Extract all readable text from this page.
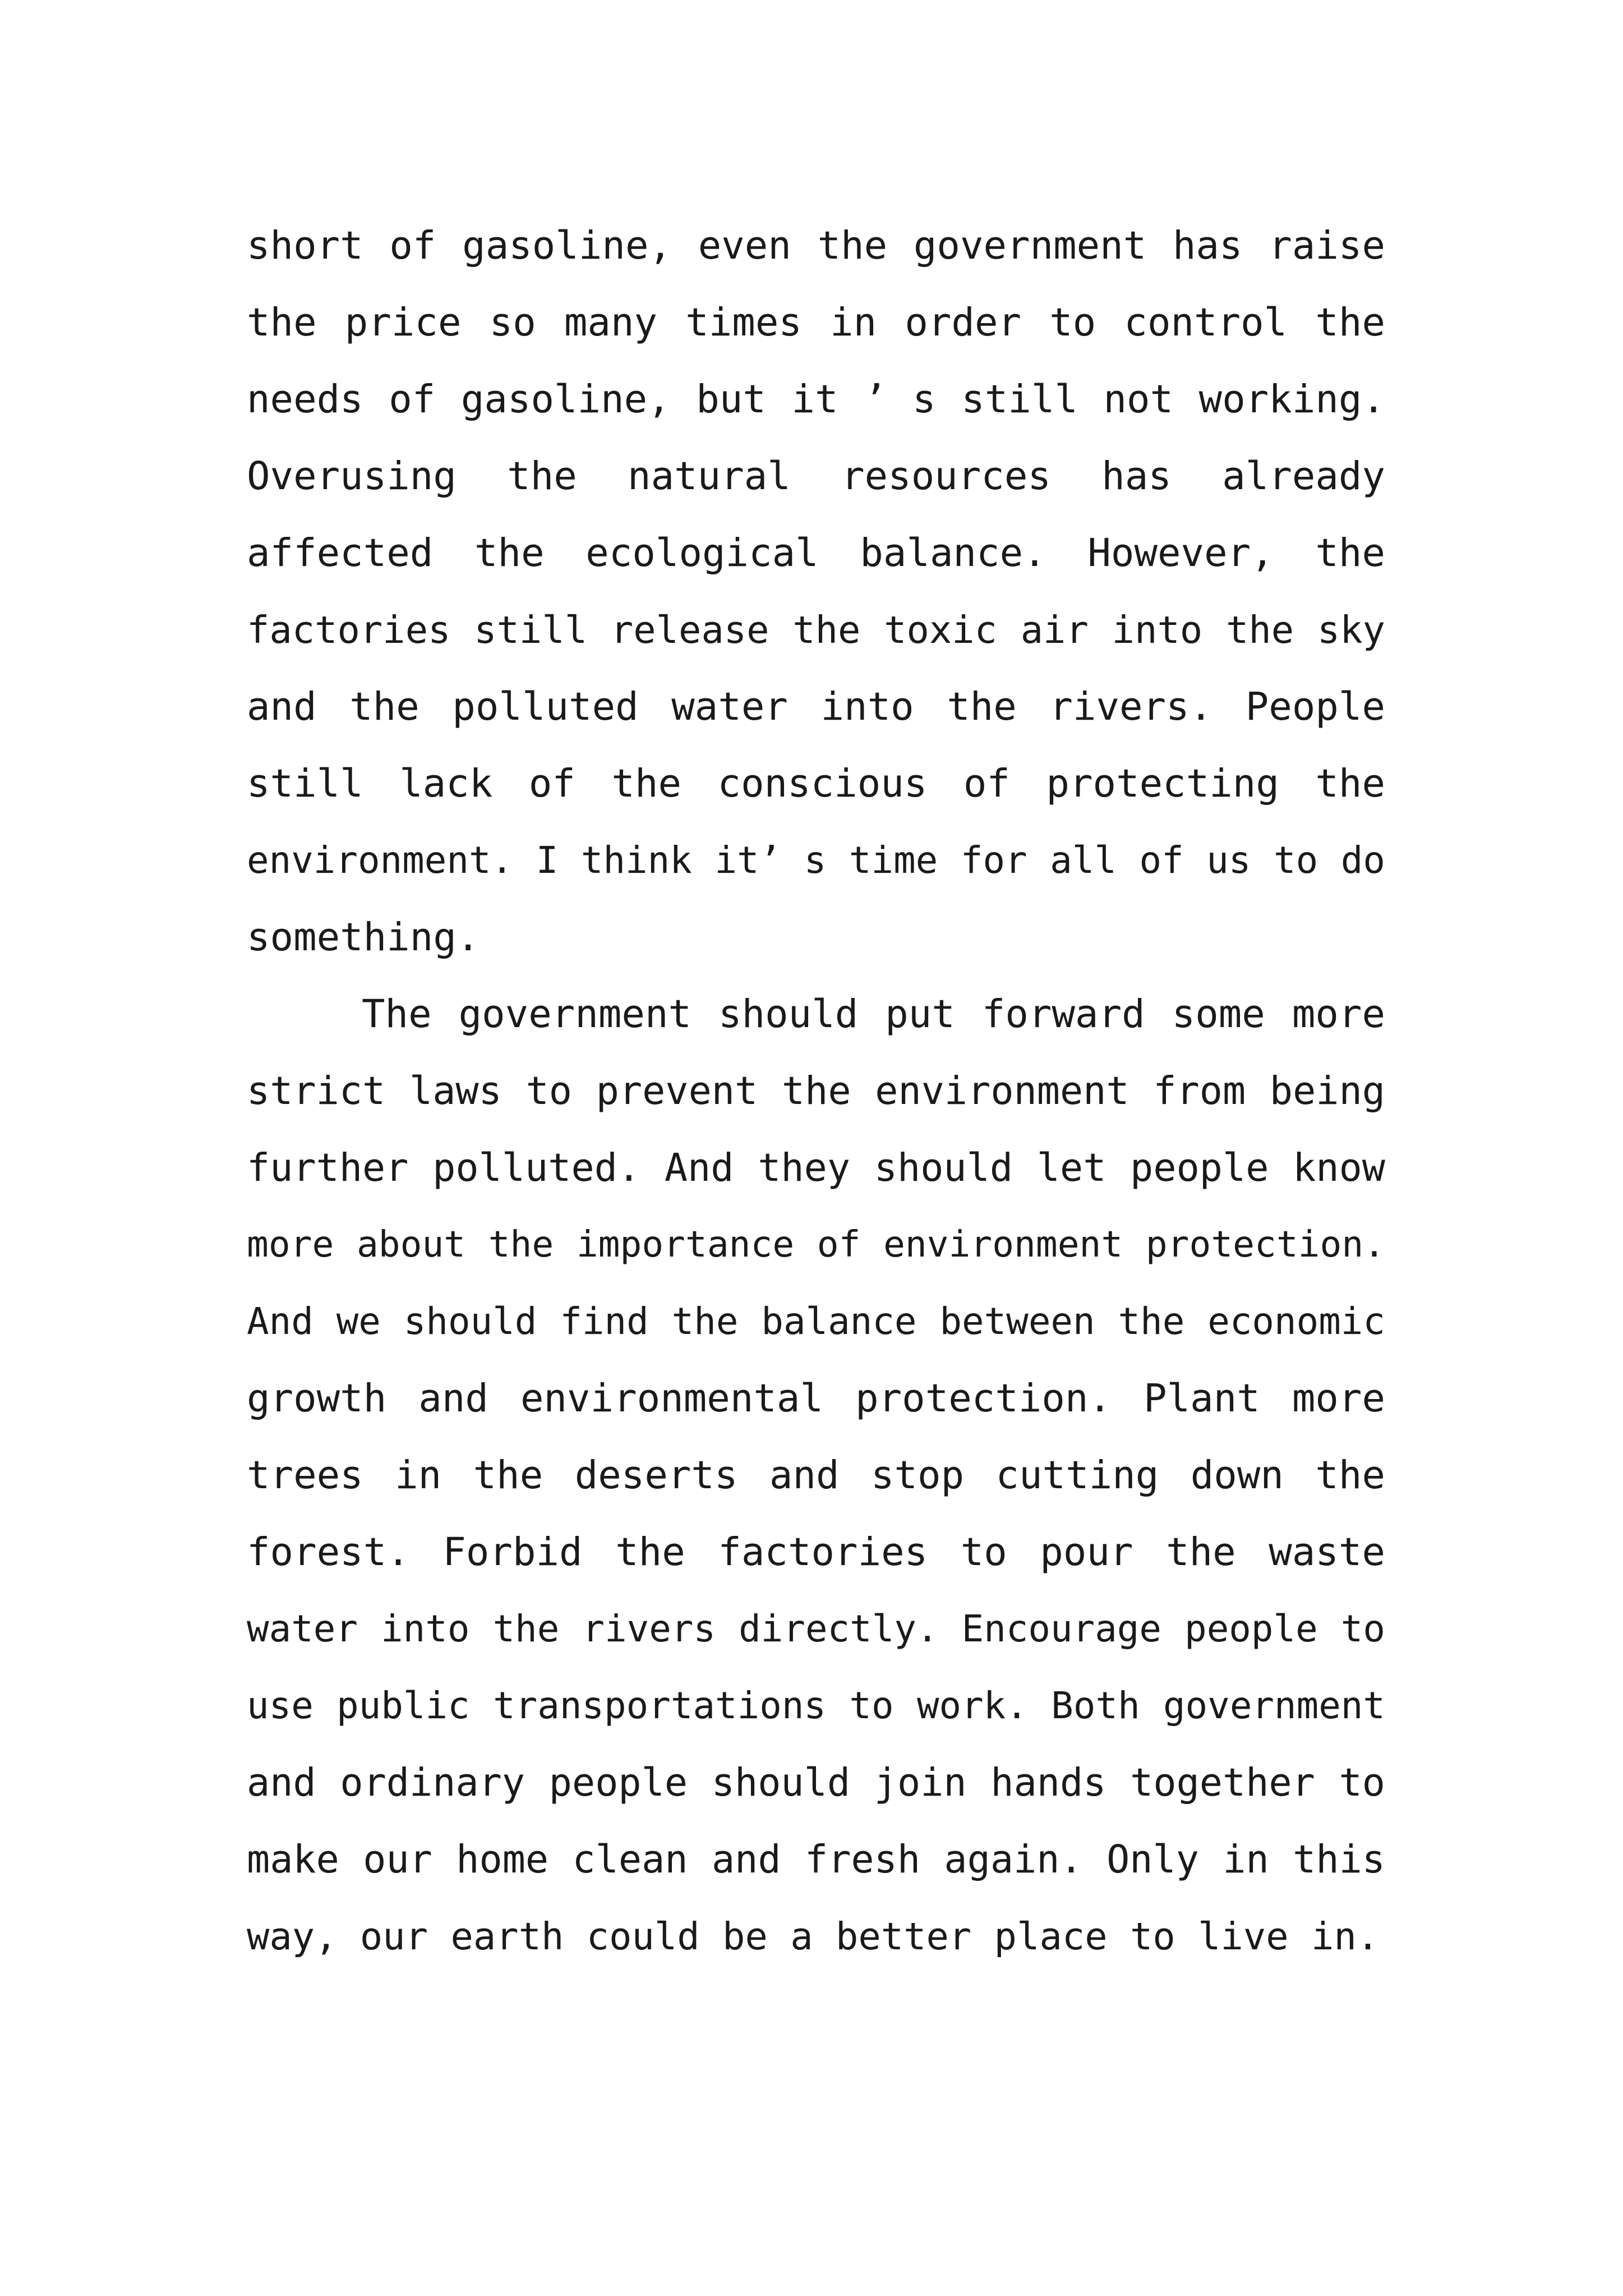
short of gasoline, even the government has raise
the price so many times in order to control the
needs of gasoline, but it ’ s still not working.
Overusing the natural resources has already
affected the ecological balance. However, the
factories still release the toxic air into the sky
and the polluted water into the rivers. People
still lack of the conscious of protecting the
environment. I think it’ s time for all of us to do
something.
The government should put forward some more
strict laws to prevent the environment from being
further polluted. And they should let people know
more about the importance of environment protection.
And we should find the balance between the economic
growth and environmental protection. Plant more
trees in the deserts and stop cutting down the
forest. Forbid the factories to pour the waste
water into the rivers directly. Encourage people to
use public transportations to work. Both government
and ordinary people should join hands together to
make our home clean and fresh again. Only in this
way, our earth could be a better place to live in.
